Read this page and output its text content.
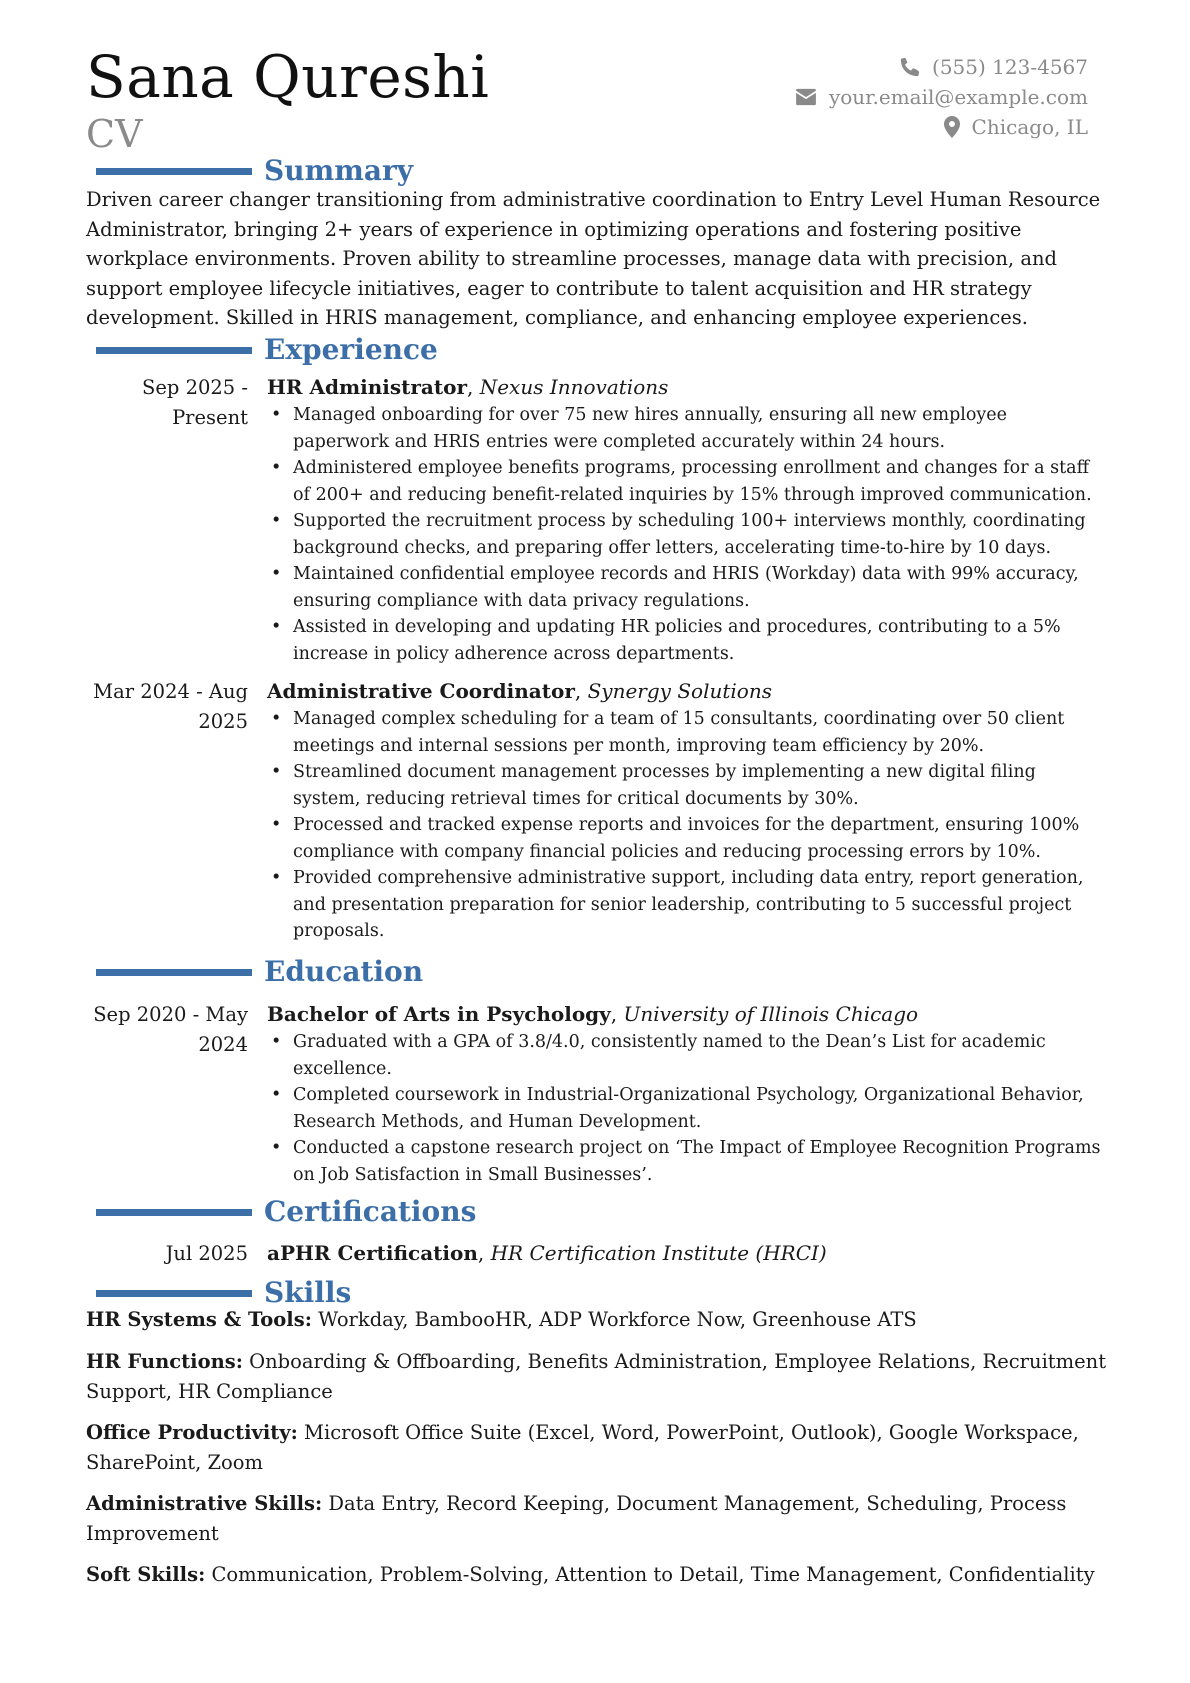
Sana Qureshi
CV
(555) 123-4567
your.email@example.com
Chicago, IL
Summary

Driven career changer transitioning from administrative coordination to Entry Level Human Resource Administrator, bringing 2+ years of experience in optimizing operations and fostering positive workplace environments. Proven ability to streamline processes, manage data with precision, and support employee lifecycle initiatives, eager to contribute to talent acquisition and HR strategy development. Skilled in HRIS management, compliance, and enhancing employee experiences.

Experience
Sep 2025 - Present
HR Administrator, Nexus Innovations
• Managed onboarding for over 75 new hires annually, ensuring all new employee paperwork and HRIS entries were completed accurately within 24 hours.
• Administered employee benefits programs, processing enrollment and changes for a staff of 200+ and reducing benefit-related inquiries by 15% through improved communication.
• Supported the recruitment process by scheduling 100+ interviews monthly, coordinating background checks, and preparing offer letters, accelerating time-to-hire by 10 days.
• Maintained confidential employee records and HRIS (Workday) data with 99% accuracy, ensuring compliance with data privacy regulations.
• Assisted in developing and updating HR policies and procedures, contributing to a 5% increase in policy adherence across departments.
Mar 2024 - Aug 2025
Administrative Coordinator, Synergy Solutions
• Managed complex scheduling for a team of 15 consultants, coordinating over 50 client meetings and internal sessions per month, improving team efficiency by 20%.
• Streamlined document management processes by implementing a new digital filing system, reducing retrieval times for critical documents by 30%.
• Processed and tracked expense reports and invoices for the department, ensuring 100% compliance with company financial policies and reducing processing errors by 10%.
• Provided comprehensive administrative support, including data entry, report generation, and presentation preparation for senior leadership, contributing to 5 successful project proposals.
Education
Sep 2020 - May 2024
Bachelor of Arts in Psychology, University of Illinois Chicago
• Graduated with a GPA of 3.8/4.0, consistently named to the Dean’s List for academic excellence.
• Completed coursework in Industrial-Organizational Psychology, Organizational Behavior, Research Methods, and Human Development.
• Conducted a capstone research project on ‘The Impact of Employee Recognition Programs on Job Satisfaction in Small Businesses’.
Certifications
Jul 2025 aPHR Certification, HR Certification Institute (HRCI)
Skills

HR Systems & Tools: Workday, BambooHR, ADP Workforce Now, Greenhouse ATS

HR Functions: Onboarding & Offboarding, Benefits Administration, Employee Relations, Recruitment Support, HR Compliance

Office Productivity: Microsoft Office Suite (Excel, Word, PowerPoint, Outlook), Google Workspace, SharePoint, Zoom

Administrative Skills: Data Entry, Record Keeping, Document Management, Scheduling, Process Improvement

Soft Skills: Communication, Problem-Solving, Attention to Detail, Time Management, Confidentiality
